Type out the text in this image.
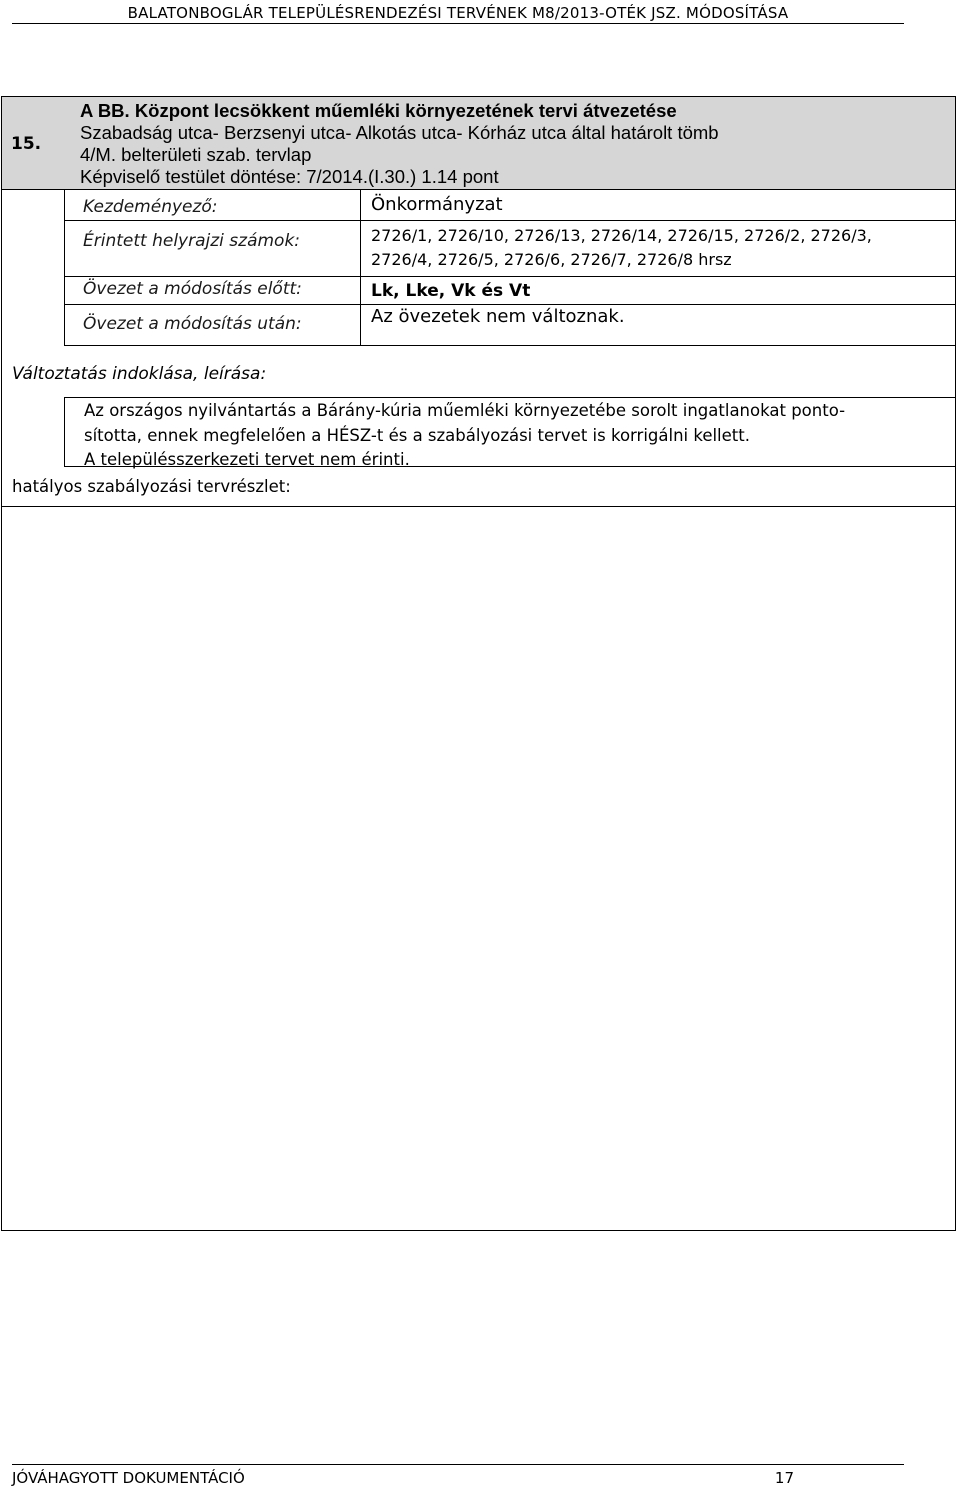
BALATONBOGLÁR TELEPÜLÉSRENDEZÉSI TERVÉNEK M8/2013-OTÉK JSZ. MÓDOSÍTÁSA
15.
A BB. Központ lecsökkent műemléki környezetének tervi átvezetése
Szabadság utca- Berzsenyi utca- Alkotás utca- Kórház utca által határolt tömb
4/M. belterületi szab. tervlap
Képviselő testület döntése: 7/2014.(I.30.) 1.14 pont
Kezdeményező:	Önkormányzat
Érintett helyrajzi számok:	2726/1, 2726/10, 2726/13, 2726/14, 2726/15, 2726/2, 2726/3,
2726/4, 2726/5, 2726/6, 2726/7, 2726/8 hrsz
Övezet a módosítás előtt:	Lk, Lke, Vk és Vt
Övezet a módosítás után:	Az övezetek nem változnak.
Változtatás indoklása, leírása:
Az országos nyilvántartás a Bárány-kúria műemléki környezetébe sorolt ingatlanokat ponto-
sította, ennek megfelelően a HÉSZ-t és a szabályozási tervet is korrigálni kellett.
A településszerkezeti tervet nem érinti.
hatályos szabályozási tervrészlet:
JÓVÁHAGYOTT DOKUMENTÁCIÓ	17
